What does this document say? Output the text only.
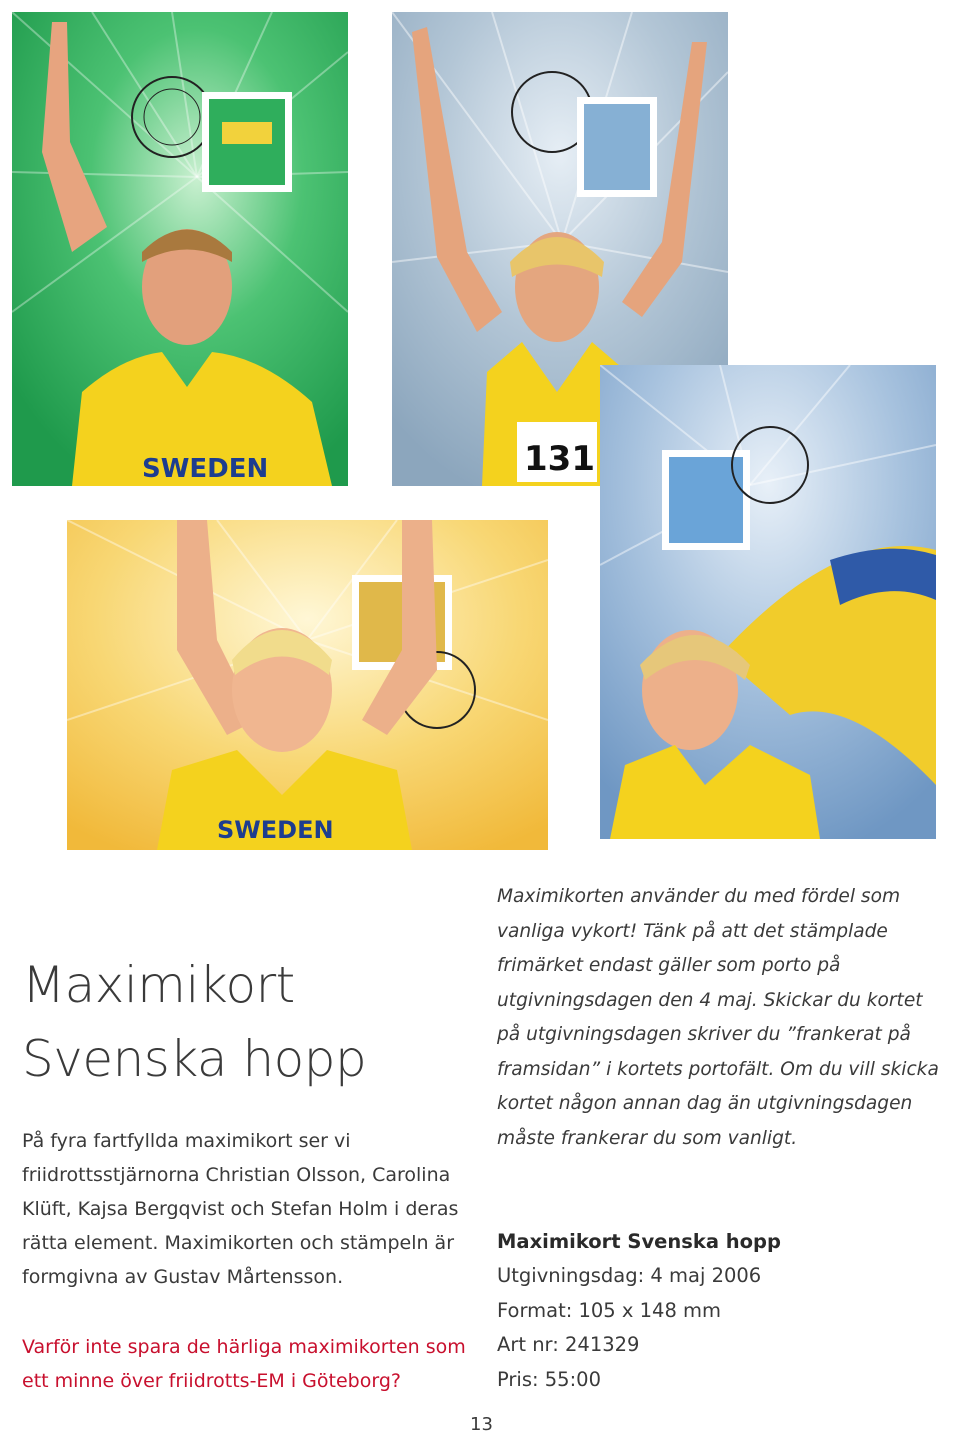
SWEDEN	131
SWEDEN
Maximikort
Svenska hopp

På fyra fartfyllda maximikort ser vi friidrottsstjärnorna Christian Olsson, Carolina Klüft, Kajsa Bergqvist och Stefan Holm i deras rätta element. Maximikorten och stämpeln är formgivna av Gustav Mårtensson.

Varför inte spara de härliga maximikorten som ett minne över friidrotts-EM i Göteborg?

Maximikorten använder du med fördel som vanliga vykort! Tänk på att det stämplade frimärket endast gäller som porto på utgivningsdagen den 4 maj. Skickar du kortet på utgivningsdagen skriver du ”frankerat på framsidan” i kortets portofält. Om du vill skicka kortet någon annan dag än utgivningsdagen måste frankerar du som vanligt.

Maximikort Svenska hopp
Utgivningsdag: 4 maj 2006
Format: 105 x 148 mm
Art nr: 241329
Pris: 55:00
13
